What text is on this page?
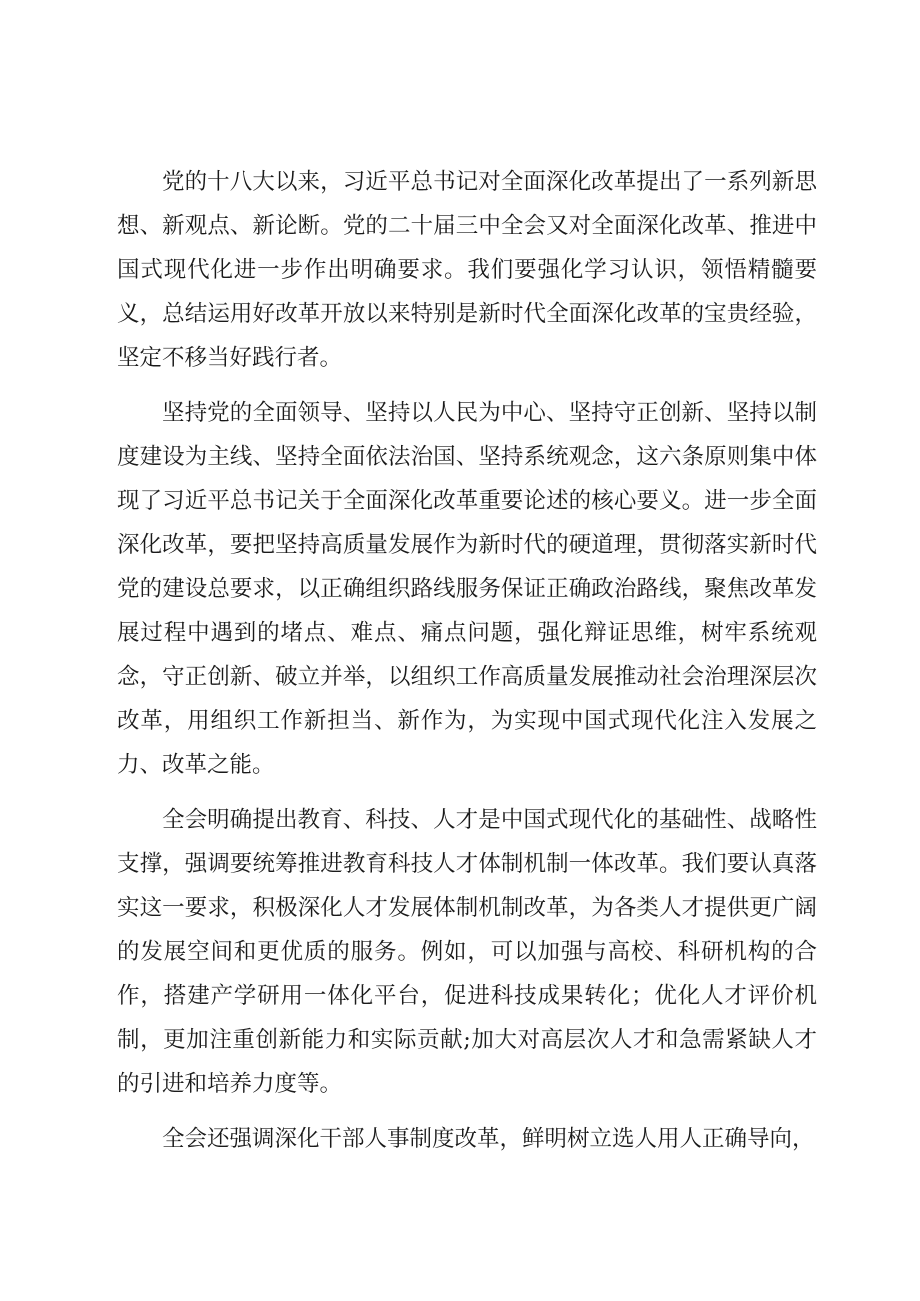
党的十八大以来，习近平总书记对全面深化改革提出了一系列新思想、新观点、新论断。党的二十届三中全会又对全面深化改革、推进中国式现代化进一步作出明确要求。我们要强化学习认识，领悟精髓要义，总结运用好改革开放以来特别是新时代全面深化改革的宝贵经验，坚定不移当好践行者。

坚持党的全面领导、坚持以人民为中心、坚持守正创新、坚持以制度建设为主线、坚持全面依法治国、坚持系统观念，这六条原则集中体现了习近平总书记关于全面深化改革重要论述的核心要义。进一步全面深化改革，要把坚持高质量发展作为新时代的硬道理，贯彻落实新时代党的建设总要求，以正确组织路线服务保证正确政治路线，聚焦改革发展过程中遇到的堵点、难点、痛点问题，强化辩证思维，树牢系统观念，守正创新、破立并举，以组织工作高质量发展推动社会治理深层次改革，用组织工作新担当、新作为，为实现中国式现代化注入发展之力、改革之能。

全会明确提出教育、科技、人才是中国式现代化的基础性、战略性支撑，强调要统筹推进教育科技人才体制机制一体改革。我们要认真落实这一要求，积极深化人才发展体制机制改革，为各类人才提供更广阔的发展空间和更优质的服务。例如，可以加强与高校、科研机构的合作，搭建产学研用一体化平台，促进科技成果转化；优化人才评价机制，更加注重创新能力和实际贡献;加大对高层次人才和急需紧缺人才的引进和培养力度等。

全会还强调深化干部人事制度改革，鲜明树立选人用人正确导向，
